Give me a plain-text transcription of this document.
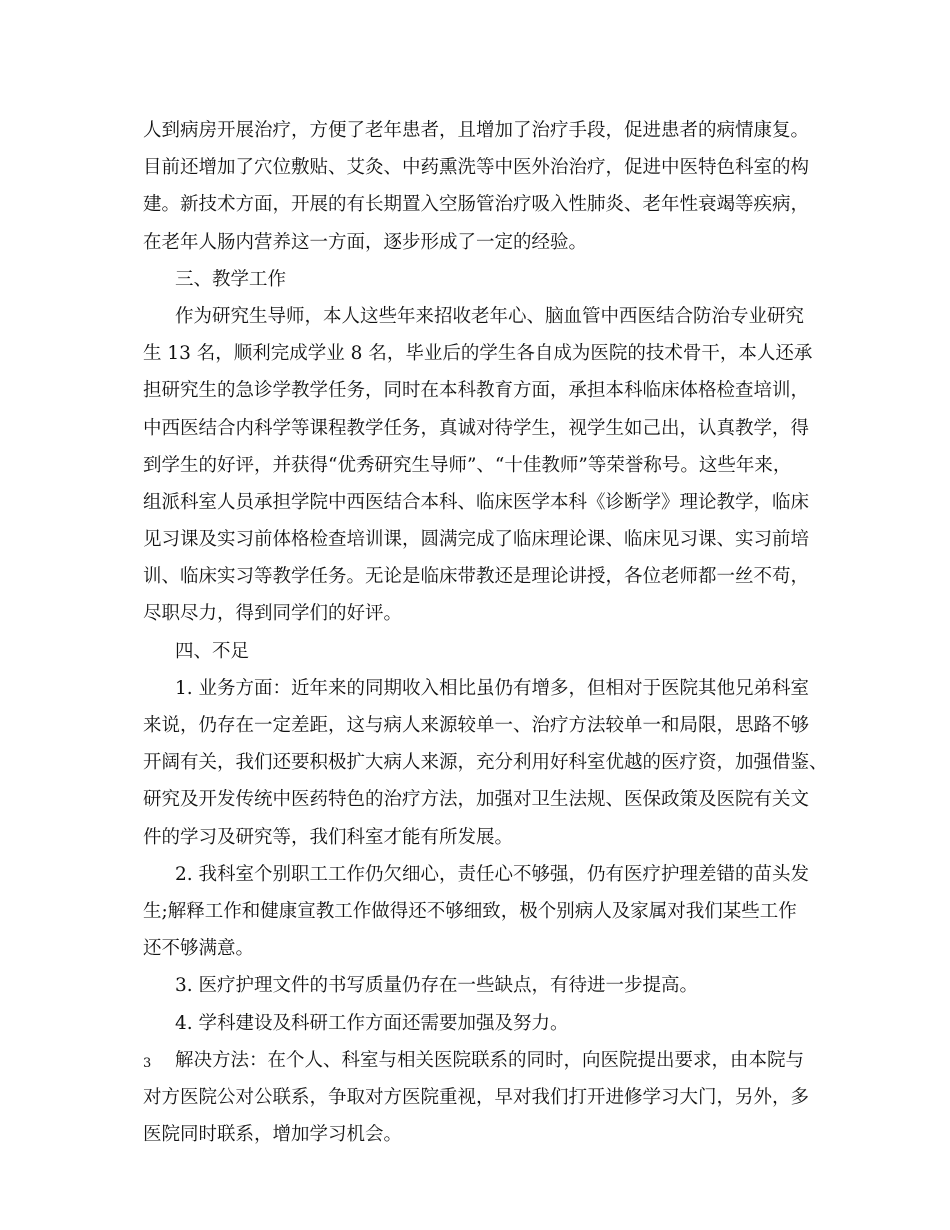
人到病房开展治疗，方便了老年患者，且增加了治疗手段，促进患者的病情康复。
目前还增加了穴位敷贴、艾灸、中药熏洗等中医外治治疗，促进中医特色科室的构
建。新技术方面，开展的有长期置入空肠管治疗吸入性肺炎、老年性衰竭等疾病，
在老年人肠内营养这一方面，逐步形成了一定的经验。
三、教学工作
作为研究生导师，本人这些年来招收老年心、脑血管中西医结合防治专业研究
生 13 名，顺利完成学业 8 名，毕业后的学生各自成为医院的技术骨干，本人还承
担研究生的急诊学教学任务，同时在本科教育方面，承担本科临床体格检查培训，
中西医结合内科学等课程教学任务，真诚对待学生，视学生如己出，认真教学，得
到学生的好评，并获得“优秀研究生导师”、“十佳教师”等荣誉称号。这些年来，
组派科室人员承担学院中西医结合本科、临床医学本科《诊断学》理论教学，临床
见习课及实习前体格检查培训课，圆满完成了临床理论课、临床见习课、实习前培
训、临床实习等教学任务。无论是临床带教还是理论讲授，各位老师都一丝不苟，
尽职尽力，得到同学们的好评。
四、不足
1. 业务方面：近年来的同期收入相比虽仍有增多，但相对于医院其他兄弟科室
来说，仍存在一定差距，这与病人来源较单一、治疗方法较单一和局限，思路不够
开阔有关，我们还要积极扩大病人来源，充分利用好科室优越的医疗资，加强借鉴、
研究及开发传统中医药特色的治疗方法，加强对卫生法规、医保政策及医院有关文
件的学习及研究等，我们科室才能有所发展。
2. 我科室个别职工工作仍欠细心，责任心不够强，仍有医疗护理差错的苗头发
生;解释工作和健康宣教工作做得还不够细致，极个别病人及家属对我们某些工作
还不够满意。
3. 医疗护理文件的书写质量仍存在一些缺点，有待进一步提高。
4. 学科建设及科研工作方面还需要加强及努力。
解决方法：在个人、科室与相关医院联系的同时，向医院提出要求，由本院与
对方医院公对公联系，争取对方医院重视，早对我们打开进修学习大门，另外，多
医院同时联系，增加学习机会。
3
